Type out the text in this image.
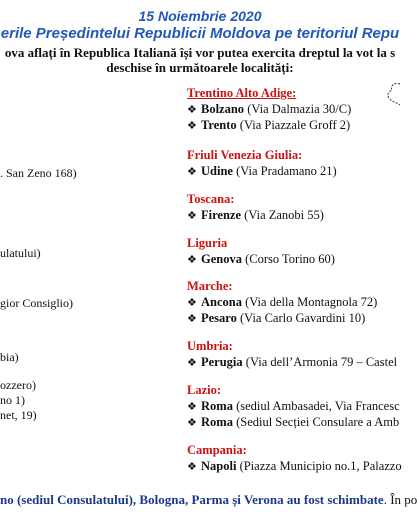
15 Noiembrie 2020
erile Președintelui Republicii Moldova pe teritoriul Repu
ova aflați în Republica Italiană își vor putea exercita dreptul la vot la s
deschise în următoarele localități:
. San Zeno 168)
ulatului)
gior Consiglio)
bia)
ozzero)
no 1)
net, 19)
Trentino Alto Adige:
❖ Bolzano (Via Dalmazia 30/C)
❖ Trento (Via Piazzale Groff 2)
Friuli Venezia Giulia:
❖ Udine (Via Pradamano 21)
Toscana:
❖ Firenze (Via Zanobi 55)
Liguria
❖ Genova (Corso Torino 60)
Marche:
❖ Ancona (Via della Montagnola 72)
❖ Pesaro (Via Carlo Gavardini 10)
Umbria:
❖ Perugia (Via dell’Armonia 79 – Castel
Lazio:
❖ Roma (sediul Ambasadei, Via Francesc
❖ Roma (Sediul Secției Consulare a Amb
Campania:
❖ Napoli (Piazza Municipio no.1, Palazzo
no (sediul Consulatului), Bologna, Parma și Verona au fost schimbate. În po
